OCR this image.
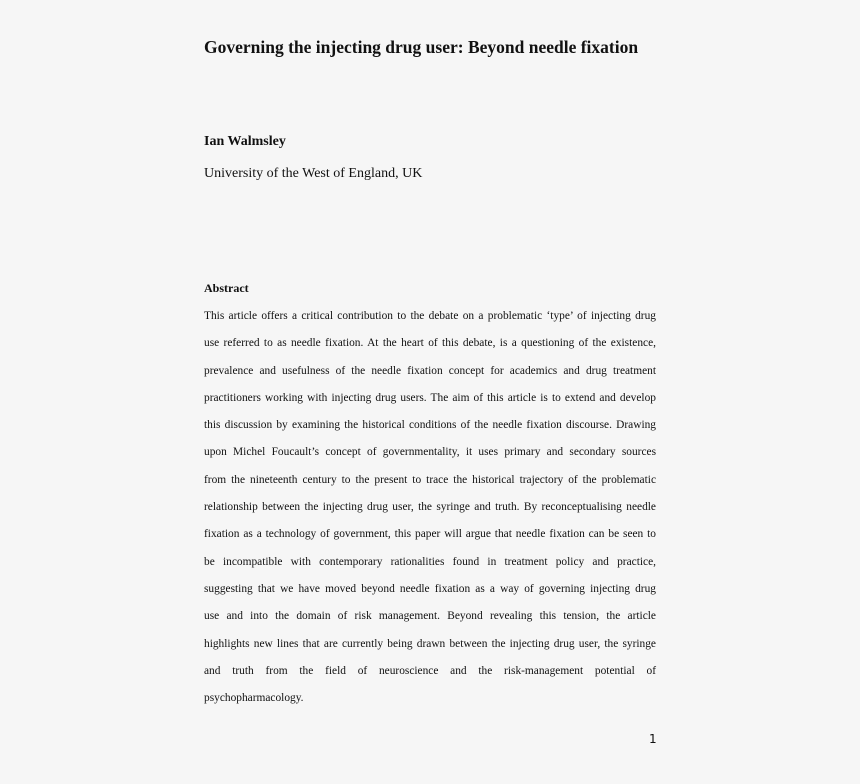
Governing the injecting drug user: Beyond needle fixation
Ian Walmsley
University of the West of England, UK
Abstract
This article offers a critical contribution to the debate on a problematic ‘type’ of injecting drug
use referred to as needle fixation. At the heart of this debate, is a questioning of the existence,
prevalence and usefulness of the needle fixation concept for academics and drug treatment
practitioners working with injecting drug users. The aim of this article is to extend and develop
this discussion by examining the historical conditions of the needle fixation discourse. Drawing
upon Michel Foucault’s concept of governmentality, it uses primary and secondary sources
from the nineteenth century to the present to trace the historical trajectory of the problematic
relationship between the injecting drug user, the syringe and truth. By reconceptualising needle
fixation as a technology of government, this paper will argue that needle fixation can be seen to
be incompatible with contemporary rationalities found in treatment policy and practice,
suggesting that we have moved beyond needle fixation as a way of governing injecting drug
use and into the domain of risk management. Beyond revealing this tension, the article
highlights new lines that are currently being drawn between the injecting drug user, the syringe
and truth from the field of neuroscience and the risk-management potential of
psychopharmacology.
1
